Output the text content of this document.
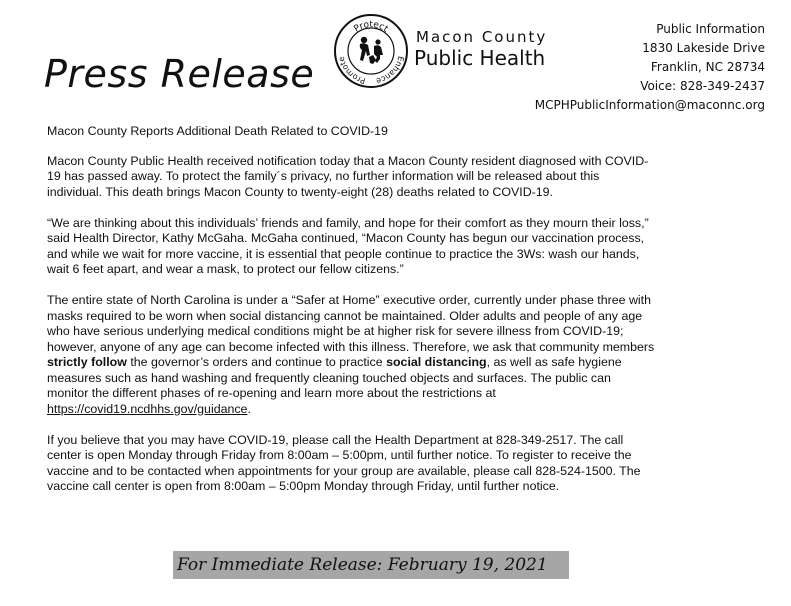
Press Release
Protect
Promote	Enhance
Macon County
Public Health
Public Information
1830 Lakeside Drive
Franklin, NC 28734
Voice: 828-349-2437
MCPHPublicInformation@maconnc.org

Macon County Reports Additional Death Related to COVID-19

Macon County Public Health received notification today that a Macon County resident diagnosed with COVID-
19 has passed away. To protect the family´s privacy, no further information will be released about this
individual. This death brings Macon County to twenty-eight (28) deaths related to COVID-19.

“We are thinking about this individuals’ friends and family, and hope for their comfort as they mourn their loss,”
said Health Director, Kathy McGaha. McGaha continued, “Macon County has begun our vaccination process,
and while we wait for more vaccine, it is essential that people continue to practice the 3Ws: wash our hands,
wait 6 feet apart, and wear a mask, to protect our fellow citizens.”

The entire state of North Carolina is under a “Safer at Home” executive order, currently under phase three with
masks required to be worn when social distancing cannot be maintained. Older adults and people of any age
who have serious underlying medical conditions might be at higher risk for severe illness from COVID-19;
however, anyone of any age can become infected with this illness. Therefore, we ask that community members
strictly follow the governor’s orders and continue to practice social distancing, as well as safe hygiene
measures such as hand washing and frequently cleaning touched objects and surfaces. The public can
monitor the different phases of re-opening and learn more about the restrictions at
https://covid19.ncdhhs.gov/guidance.

If you believe that you may have COVID-19, please call the Health Department at 828-349-2517. The call
center is open Monday through Friday from 8:00am – 5:00pm, until further notice. To register to receive the
vaccine and to be contacted when appointments for your group are available, please call 828-524-1500. The
vaccine call center is open from 8:00am – 5:00pm Monday through Friday, until further notice.

For Immediate Release: February 19, 2021
